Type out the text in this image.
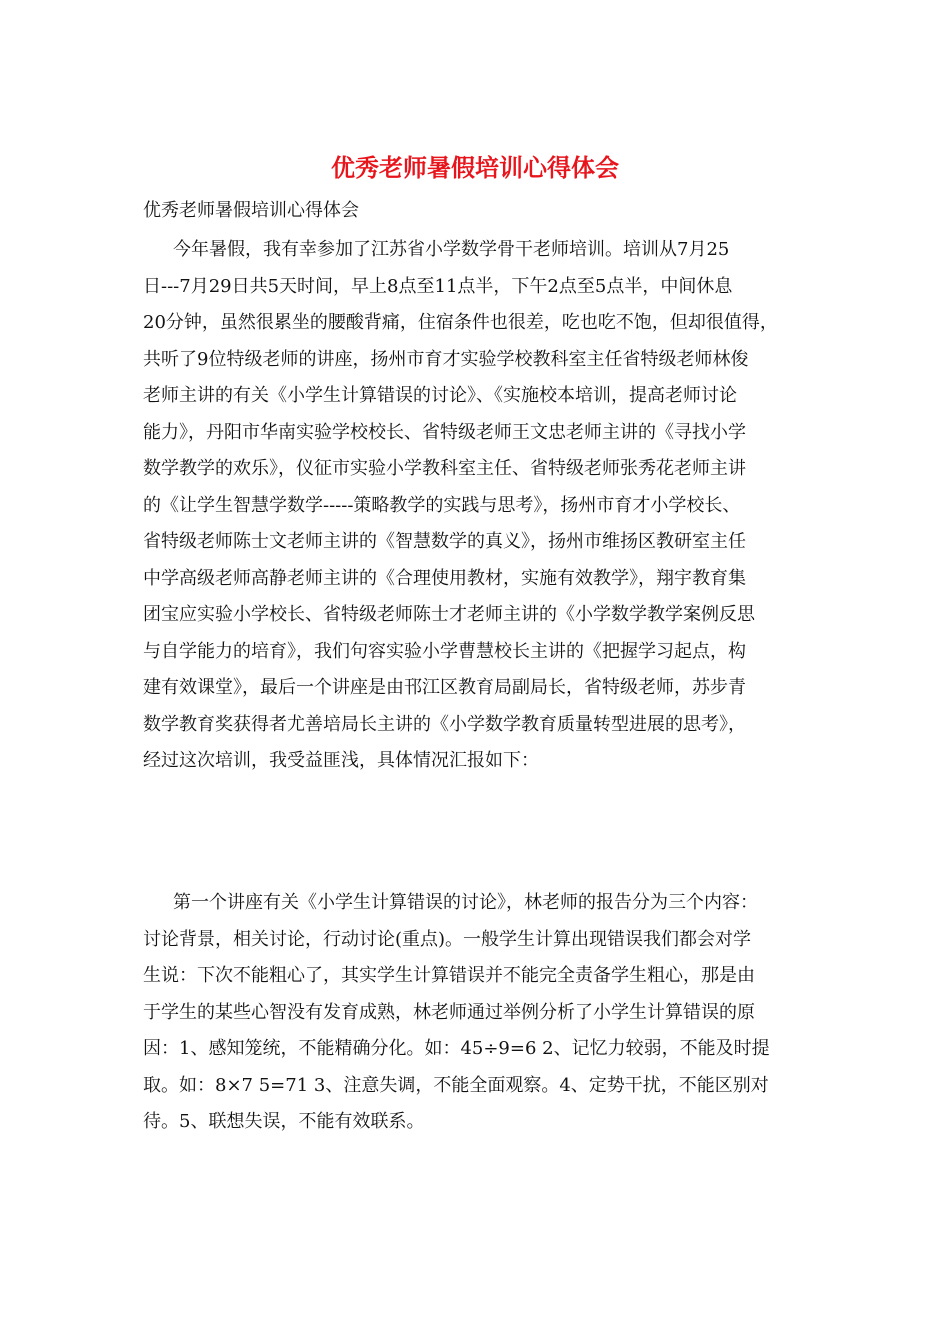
优秀老师暑假培训心得体会
优秀老师暑假培训心得体会
今年暑假，我有幸参加了江苏省小学数学骨干老师培训。培训从7月25
日---7月29日共5天时间，早上8点至11点半，下午2点至5点半，中间休息
20分钟，虽然很累坐的腰酸背痛，住宿条件也很差，吃也吃不饱，但却很值得，
共听了9位特级老师的讲座，扬州市育才实验学校教科室主任省特级老师林俊
老师主讲的有关《小学生计算错误的讨论》、《实施校本培训，提高老师讨论
能力》，丹阳市华南实验学校校长、省特级老师王文忠老师主讲的《寻找小学
数学教学的欢乐》，仪征市实验小学教科室主任、省特级老师张秀花老师主讲
的《让学生智慧学数学-----策略教学的实践与思考》，扬州市育才小学校长、
省特级老师陈士文老师主讲的《智慧数学的真义》，扬州市维扬区教研室主任
中学高级老师高静老师主讲的《合理使用教材，实施有效教学》，翔宇教育集
团宝应实验小学校长、省特级老师陈士才老师主讲的《小学数学教学案例反思
与自学能力的培育》，我们句容实验小学曹慧校长主讲的《把握学习起点，构
建有效课堂》，最后一个讲座是由邗江区教育局副局长，省特级老师，苏步青
数学教育奖获得者尤善培局长主讲的《小学数学教育质量转型进展的思考》，
经过这次培训，我受益匪浅，具体情况汇报如下：
第一个讲座有关《小学生计算错误的讨论》，林老师的报告分为三个内容：
讨论背景，相关讨论，行动讨论(重点)。一般学生计算出现错误我们都会对学
生说：下次不能粗心了，其实学生计算错误并不能完全责备学生粗心，那是由
于学生的某些心智没有发育成熟，林老师通过举例分析了小学生计算错误的原
因：1、感知笼统，不能精确分化。如：45÷9=6 2、记忆力较弱，不能及时提
取。如：8×7 5=71 3、注意失调，不能全面观察。4、定势干扰，不能区别对
待。5、联想失误，不能有效联系。
